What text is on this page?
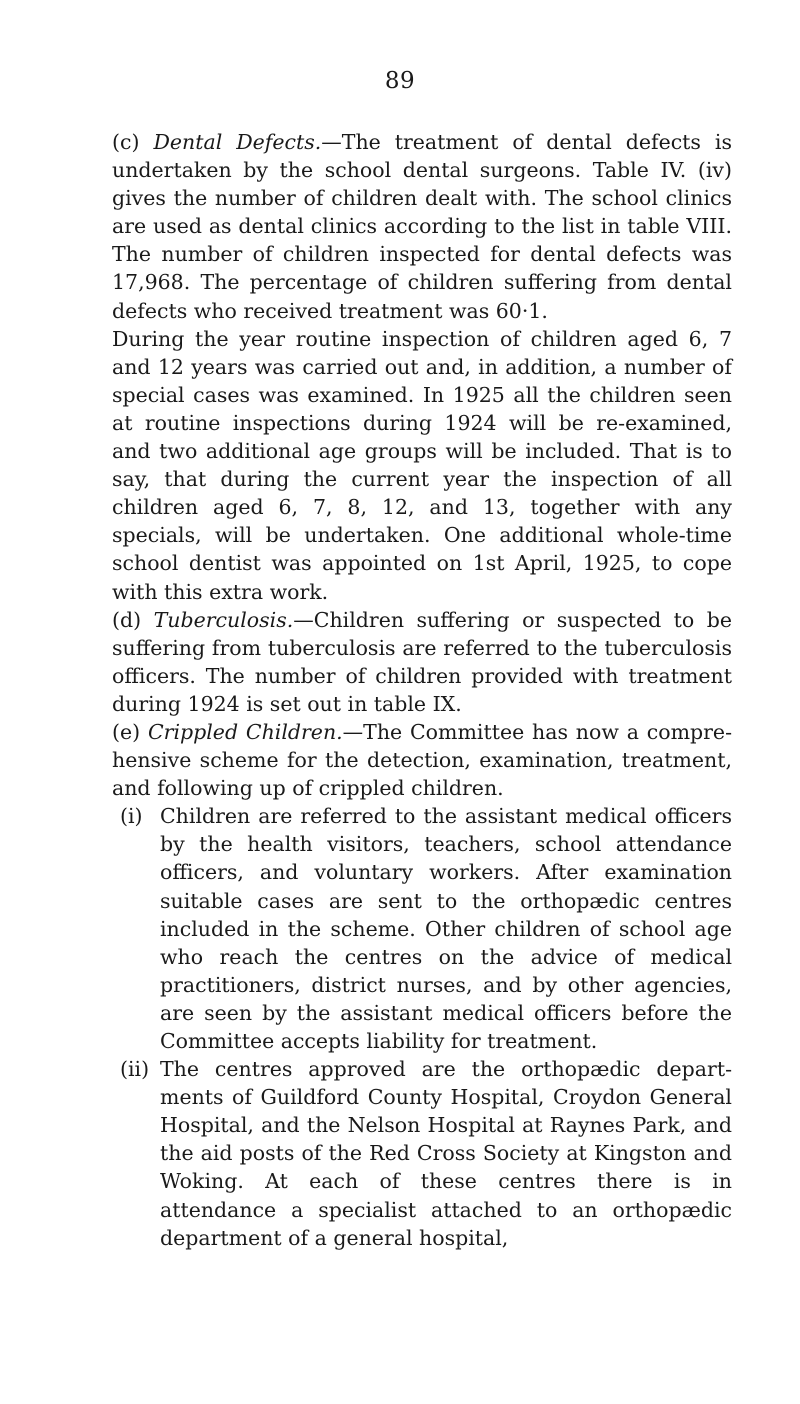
89

(c) Dental Defects.—The treatment of dental defects is undertaken by the school dental surgeons. Table IV. (iv) gives the number of children dealt with. The school clinics are used as dental clinics according to the list in table VIII. The number of children inspected for dental defects was 17,968. The percentage of children suffering from dental defects who received treatment was 60·1.

During the year routine inspection of children aged 6, 7 and 12 years was carried out and, in addition, a number of special cases was examined. In 1925 all the children seen at routine inspections during 1924 will be re-examined, and two additional age groups will be included. That is to say, that during the current year the inspection of all children aged 6, 7, 8, 12, and 13, together with any specials, will be undertaken. One additional whole-time school dentist was appointed on 1st April, 1925, to cope with this extra work.

(d) Tuberculosis.—Children suffering or suspected to be suffering from tuberculosis are referred to the tuberculosis officers. The number of children provided with treatment during 1924 is set out in table IX.

(e) Crippled Children.—The Committee has now a comprehensive scheme for the detection, examination, treatment, and following up of crippled children.

(i) Children are referred to the assistant medical officers by the health visitors, teachers, school attendance officers, and voluntary workers. After examination suitable cases are sent to the orthopædic centres included in the scheme. Other children of school age who reach the centres on the advice of medical practitioners, district nurses, and by other agencies, are seen by the assistant medical officers before the Committee accepts liability for treatment.
(ii) The centres approved are the orthopædic departments of Guildford County Hospital, Croydon General Hospital, and the Nelson Hospital at Raynes Park, and the aid posts of the Red Cross Society at Kingston and Woking. At each of these centres there is in attendance a specialist attached to an orthopædic department of a general hospital,
